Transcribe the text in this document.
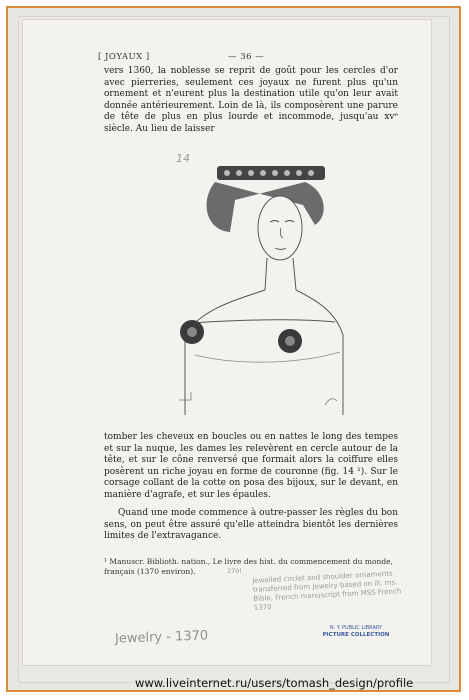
[ JOYAUX ]	— 36 —
vers 1360, la noblesse se reprit de goût pour les cercles d'or avec pierreries, seulement ces joyaux ne furent plus qu'un ornement et n'eurent plus la destination utile qu'on leur avait donnée antérieurement. Loin de là, ils composèrent une parure de tête de plus en plus lourde et incommode, jusqu'au xvᵉ siècle. Au lieu de laisser
14
tomber les cheveux en boucles ou en nattes le long des tempes et sur la nuque, les dames les relevèrent en cercle autour de la tête, et sur le cône renversé que formait alors la coiffure elles posèrent un riche joyau en forme de couronne (fig. 14 ¹). Sur le corsage collant de la cotte on posa des bijoux, sur le devant, en manière d'agrafe, et sur les épaules.
Quand une mode commence à outre-passer les règles du bon sens, on peut être assuré qu'elle atteindra bientôt les dernières limites de l'extravagance.
¹ Manuscr. Biblioth. nation., Le livre des hist. du commencement du monde, français (1370 environ).	270l jewelled circlet and shoulder ornaments transferred from Jewelry based on ill. ms. Bible, French manuscript from MSS French 1370
Jewelry - 1370
N. Y. PUBLIC LIBRARY
PICTURE COLLECTION
www.liveinternet.ru/users/tomash_design/profile
